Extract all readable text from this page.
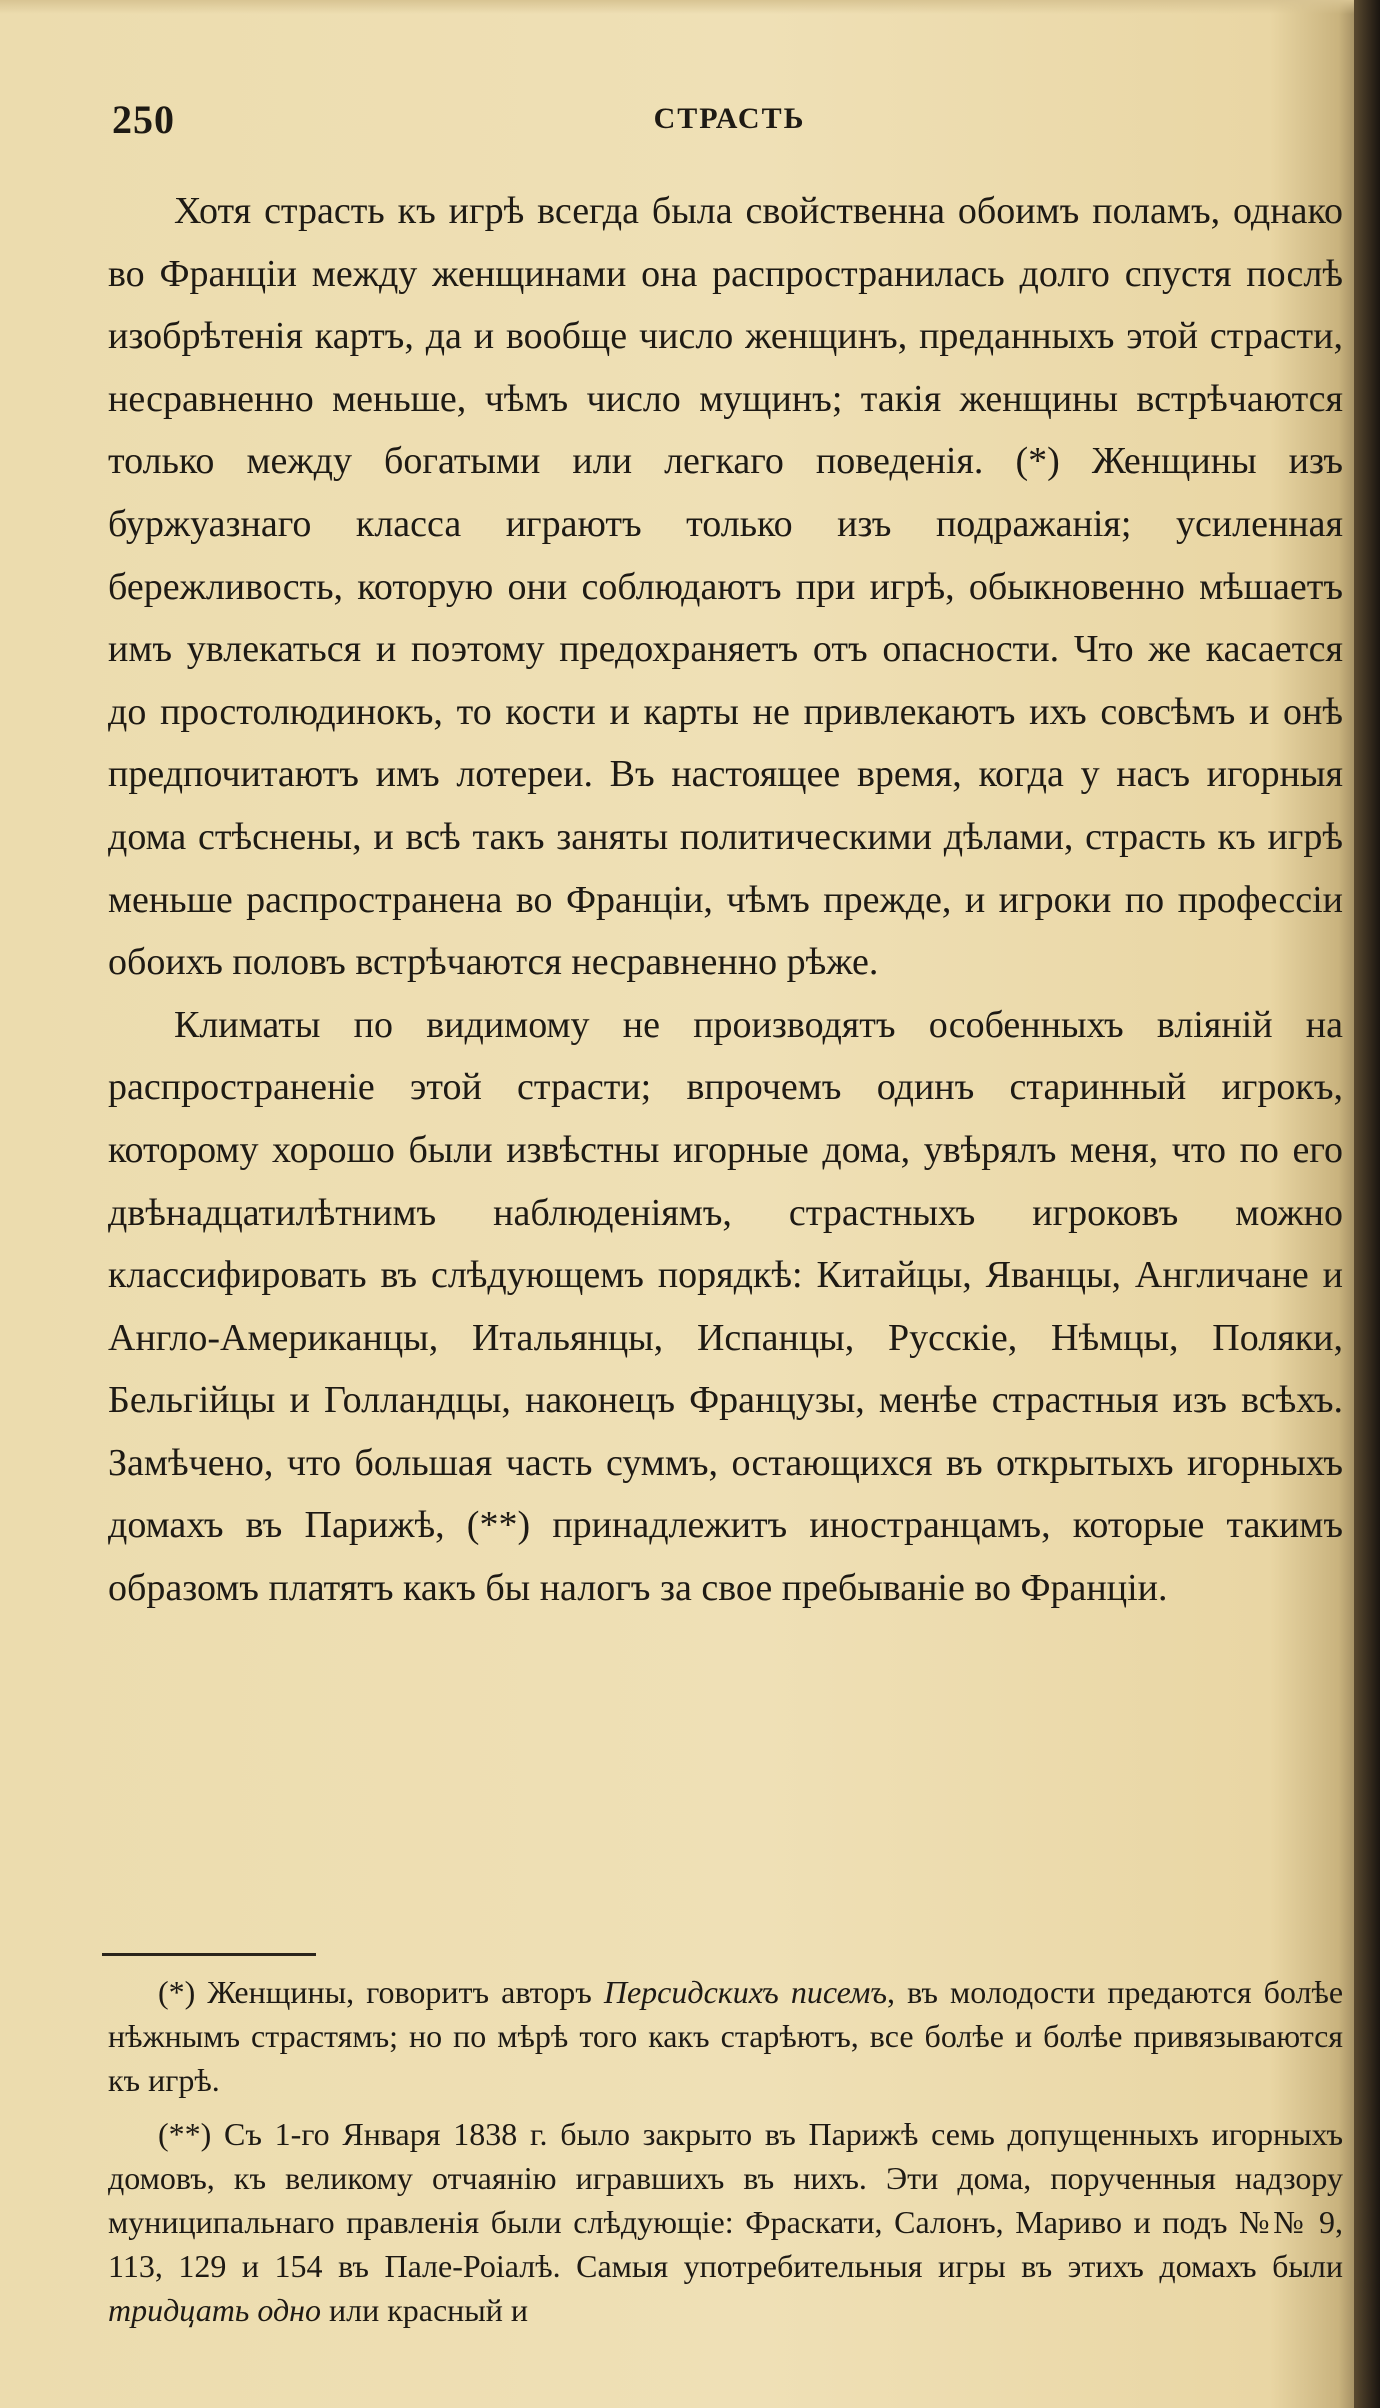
250	СТРАСТЬ

Хотя страсть къ игрѣ всегда была свойственна обоимъ поламъ, однако во Франціи между женщинами она распространилась долго спустя послѣ изобрѣтенія картъ, да и вообще число женщинъ, преданныхъ этой страсти, несравненно меньше, чѣмъ число мущинъ; такія женщины встрѣчаются только между богатыми или легкаго поведенія. (*) Женщины изъ буржуазнаго класса играютъ только изъ подражанія; усиленная бережливость, которую они соблюдаютъ при игрѣ, обыкновенно мѣшаетъ имъ увлекаться и поэтому предохраняетъ отъ опасности. Что же касается до простолюдинокъ, то кости и карты не привлекаютъ ихъ совсѣмъ и онѣ предпочитаютъ имъ лотереи. Въ настоящее время, когда у насъ игорныя дома стѣснены, и всѣ такъ заняты политическими дѣлами, страсть къ игрѣ меньше распространена во Франціи, чѣмъ прежде, и игроки по профессіи обоихъ половъ встрѣчаются несравненно рѣже.

Климаты по видимому не производятъ особенныхъ вліяній на распространеніе этой страсти; впрочемъ одинъ старинный игрокъ, которому хорошо были извѣстны игорные дома, увѣрялъ меня, что по его двѣнадцатилѣтнимъ наблюденіямъ, страстныхъ игроковъ можно классифировать въ слѣдующемъ порядкѣ: Китайцы, Яванцы, Англичане и Англо-Американцы, Итальянцы, Испанцы, Русскіе, Нѣмцы, Поляки, Бельгійцы и Голландцы, наконецъ Французы, менѣе страстныя изъ всѣхъ. Замѣчено, что большая часть суммъ, остающихся въ открытыхъ игорныхъ домахъ въ Парижѣ, (**) принадлежитъ иностранцамъ, которые такимъ образомъ платятъ какъ бы налогъ за свое пребываніе во Франціи.

(*) Женщины, говоритъ авторъ Персидскихъ писемъ, въ молодости предаются болѣе нѣжнымъ страстямъ; но по мѣрѣ того какъ старѣютъ, все болѣе и болѣе привязываются къ игрѣ.

(**) Съ 1-го Января 1838 г. было закрыто въ Парижѣ семь допущенныхъ игорныхъ домовъ, къ великому отчаянію игравшихъ въ нихъ. Эти дома, порученныя надзору муниципальнаго правленія были слѣдующіе: Фраскати, Салонъ, Мариво и подъ №№ 9, 113, 129 и 154 въ Пале-Роіалѣ. Самыя употребительныя игры въ этихъ домахъ были тридцать одно или красный и
